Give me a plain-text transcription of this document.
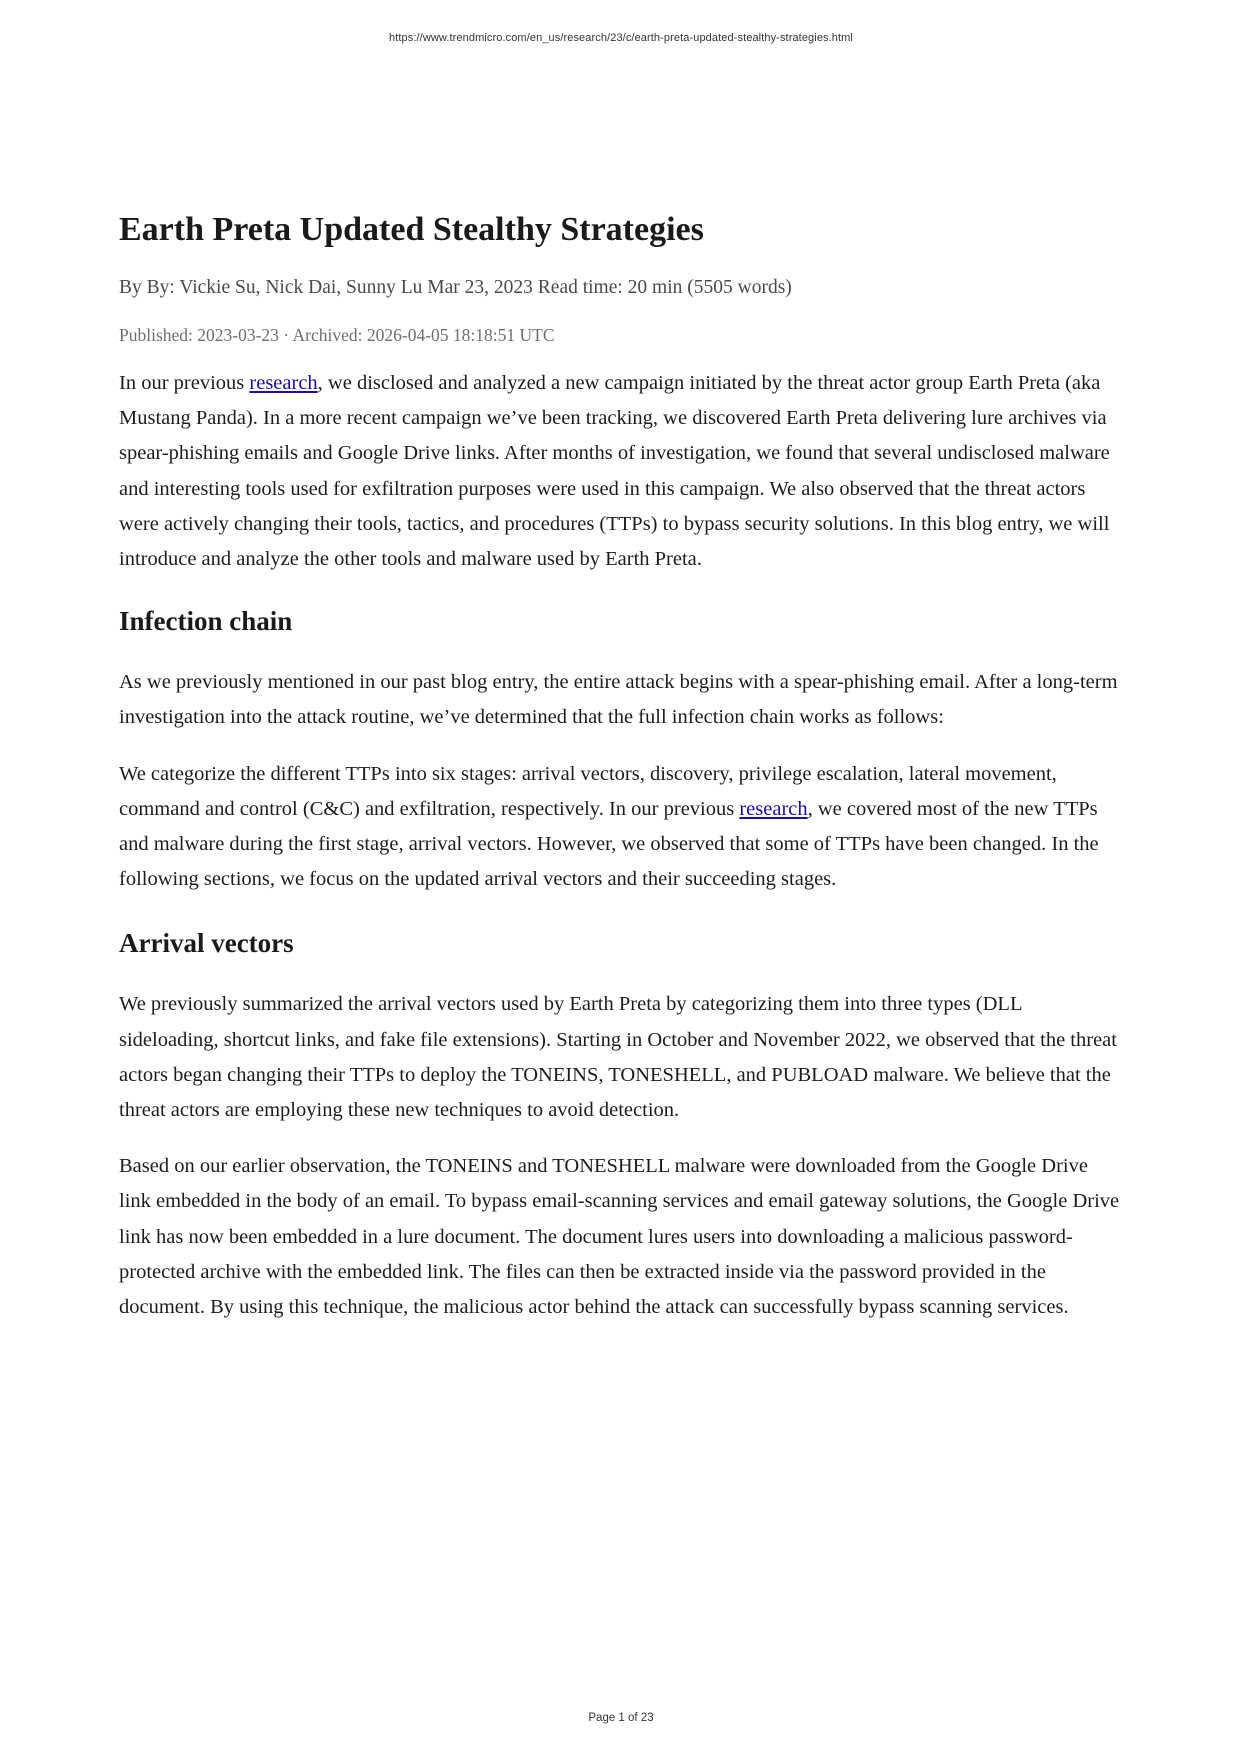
https://www.trendmicro.com/en_us/research/23/c/earth-preta-updated-stealthy-strategies.html
Earth Preta Updated Stealthy Strategies
By By: Vickie Su, Nick Dai, Sunny Lu Mar 23, 2023 Read time: 20 min (5505 words)
Published: 2023-03-23 · Archived: 2026-04-05 18:18:51 UTC

In our previous research, we disclosed and analyzed a new campaign initiated by the threat actor group Earth Preta (aka Mustang Panda). In a more recent campaign we’ve been tracking, we discovered Earth Preta delivering lure archives via spear-phishing emails and Google Drive links. After months of investigation, we found that several undisclosed malware and interesting tools used for exfiltration purposes were used in this campaign. We also observed that the threat actors were actively changing their tools, tactics, and procedures (TTPs) to bypass security solutions. In this blog entry, we will introduce and analyze the other tools and malware used by Earth Preta.

Infection chain

As we previously mentioned in our past blog entry, the entire attack begins with a spear-phishing email. After a long-term investigation into the attack routine, we’ve determined that the full infection chain works as follows:

We categorize the different TTPs into six stages: arrival vectors, discovery, privilege escalation, lateral movement, command and control (C&C) and exfiltration, respectively. In our previous research, we covered most of the new TTPs and malware during the first stage, arrival vectors. However, we observed that some of TTPs have been changed. In the following sections, we focus on the updated arrival vectors and their succeeding stages.

Arrival vectors

We previously summarized the arrival vectors used by Earth Preta by categorizing them into three types (DLL sideloading, shortcut links, and fake file extensions). Starting in October and November 2022, we observed that the threat actors began changing their TTPs to deploy the TONEINS, TONESHELL, and PUBLOAD malware. We believe that the threat actors are employing these new techniques to avoid detection.

Based on our earlier observation, the TONEINS and TONESHELL malware were downloaded from the Google Drive link embedded in the body of an email. To bypass email-scanning services and email gateway solutions, the Google Drive link has now been embedded in a lure document. The document lures users into downloading a malicious password-protected archive with the embedded link. The files can then be extracted inside via the password provided in the document. By using this technique, the malicious actor behind the attack can successfully bypass scanning services.

Page 1 of 23
